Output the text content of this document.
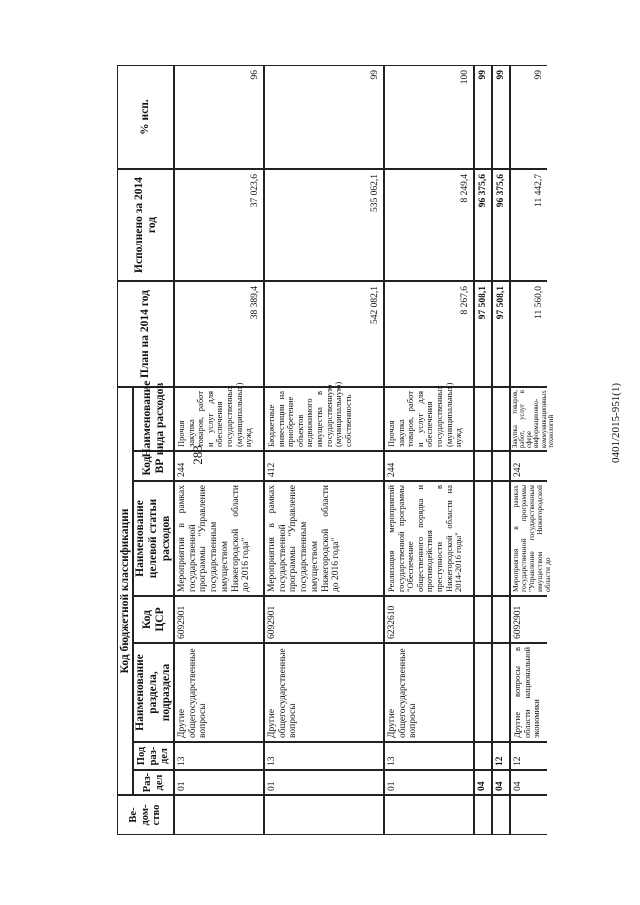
283	0401/2015-951(1)
Ве-дом-ство
Код бюджетной классификации
Раз-дел
Под раз-дел
Наименование раздела, подраздела
Код ЦСР
Наименование целевой статьи расходов
Код ВР
Наименование вида расходов
План на 2014 год
Исполнено за 2014 год
% исп.
01
13
Другие общегосударственные вопросы
6092901
Мероприятия в рамках государственной программы "Управление государственным имуществом Нижегородской области до 2016 года"
244
Прочая закупка товаров, работ и услуг для обеспечения государственных (муниципальных) нужд
38 389,4
37 023,6
96
01
13
Другие общегосударственные вопросы
6092901
Мероприятия в рамках государственной программы "Управление государственным имуществом Нижегородской области до 2016 года"
412
Бюджетные инвестиции на приобретение объектов недвижимого имущества в государственную (муниципальную) собственность
542 082,1
535 062,1
99
01
13
Другие общегосударственные вопросы
6232610
Реализация мероприятий государственной программы "Обеспечение общественного порядка и противодействия преступности в Нижегородской области на 2014-2016 годы"
244
Прочая закупка товаров, работ и услуг для обеспечения государственных (муниципальных) нужд
8 267,6
8 249,4
100
04
97 508,1
96 375,6
99
04
12
97 508,1
96 375,6
99
04
12
Другие вопросы в области национальной экономики
6092901
Мероприятия в рамках государственной программы "Управление государственным имуществом Нижегородской области до
242
Закупка товаров, работ, услуг в сфере информационно-коммуникационных технологий
11 560,0
11 442,7
99
